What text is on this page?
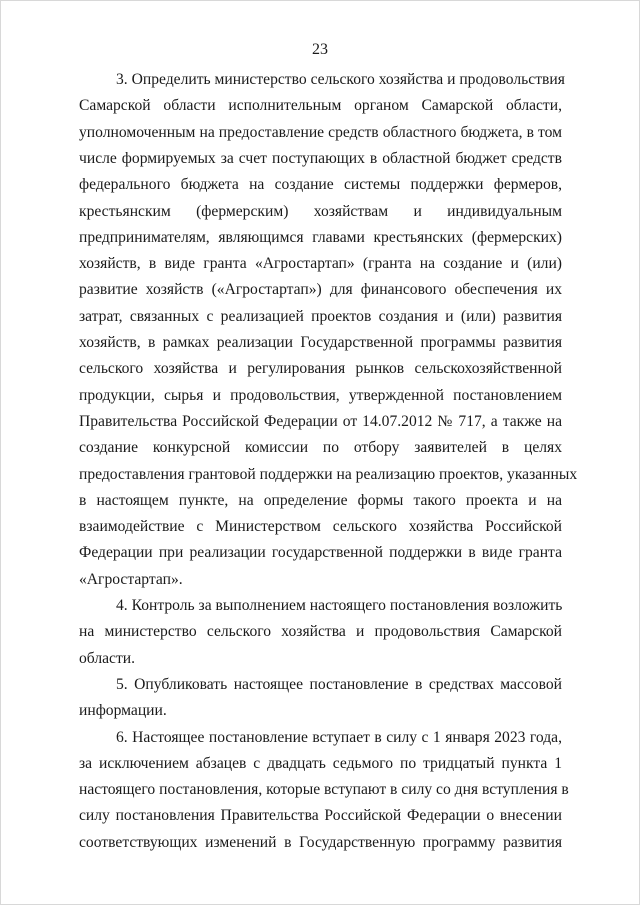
23
3. Определить министерство сельского хозяйства и продовольствия
Самарской области исполнительным органом Самарской области,
уполномоченным на предоставление средств областного бюджета, в том
числе формируемых за счет поступающих в областной бюджет средств
федерального бюджета на создание системы поддержки фермеров,
крестьянским (фермерским) хозяйствам и индивидуальным
предпринимателям, являющимся главами крестьянских (фермерских)
хозяйств, в виде гранта «Агростартап» (гранта на создание и (или)
развитие хозяйств («Агростартап») для финансового обеспечения их
затрат, связанных с реализацией проектов создания и (или) развития
хозяйств, в рамках реализации Государственной программы развития
сельского хозяйства и регулирования рынков сельскохозяйственной
продукции, сырья и продовольствия, утвержденной постановлением
Правительства Российской Федерации от 14.07.2012 № 717, а также на
создание конкурсной комиссии по отбору заявителей в целях
предоставления грантовой поддержки на реализацию проектов, указанных
в настоящем пункте, на определение формы такого проекта и на
взаимодействие с Министерством сельского хозяйства Российской
Федерации при реализации государственной поддержки в виде гранта
«Агростартап».
4. Контроль за выполнением настоящего постановления возложить
на министерство сельского хозяйства и продовольствия Самарской
области.
5. Опубликовать настоящее постановление в средствах массовой
информации.
6. Настоящее постановление вступает в силу с 1 января 2023 года,
за исключением абзацев с двадцать седьмого по тридцатый пункта 1
настоящего постановления, которые вступают в силу со дня вступления в
силу постановления Правительства Российской Федерации о внесении
соответствующих изменений в Государственную программу развития
